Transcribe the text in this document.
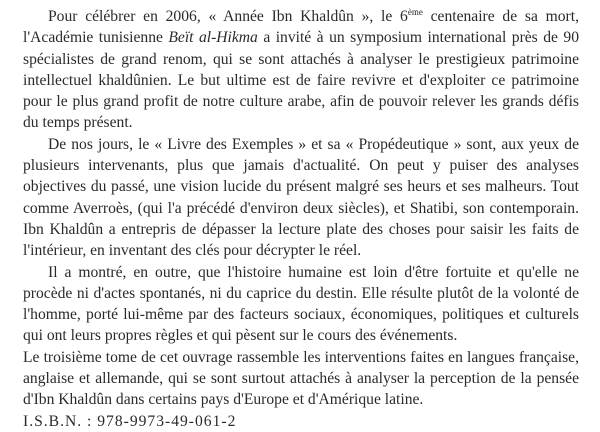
Pour célébrer en 2006, « Année Ibn Khaldûn », le 6ème centenaire de sa mort, l'Académie tunisienne Beït al-Hikma a invité à un symposium international près de 90 spécialistes de grand renom, qui se sont attachés à analyser le prestigieux patrimoine intellectuel khaldûnien. Le but ultime est de faire revivre et d'exploiter ce patrimoine pour le plus grand profit de notre culture arabe, afin de pouvoir relever les grands défis du temps présent.

De nos jours, le « Livre des Exemples » et sa « Propédeutique » sont, aux yeux de plusieurs intervenants, plus que jamais d'actualité. On peut y puiser des analyses objectives du passé, une vision lucide du présent malgré ses heurs et ses malheurs. Tout comme Averroès, (qui l'a précédé d'environ deux siècles), et Shatibi, son contemporain. Ibn Khaldûn a entrepris de dépasser la lecture plate des choses pour saisir les faits de l'intérieur, en inventant des clés pour décrypter le réel.

Il a montré, en outre, que l'histoire humaine est loin d'être fortuite et qu'elle ne procède ni d'actes spontanés, ni du caprice du destin. Elle résulte plutôt de la volonté de l'homme, porté lui-même par des facteurs sociaux, économiques, politiques et culturels qui ont leurs propres règles et qui pèsent sur le cours des événements.

Le troisième tome de cet ouvrage rassemble les interventions faites en langues française, anglaise et allemande, qui se sont surtout attachés à analyser la perception de la pensée d'Ibn Khaldûn dans certains pays d'Europe et d'Amérique latine.

I.S.B.N. : 978-9973-49-061-2
